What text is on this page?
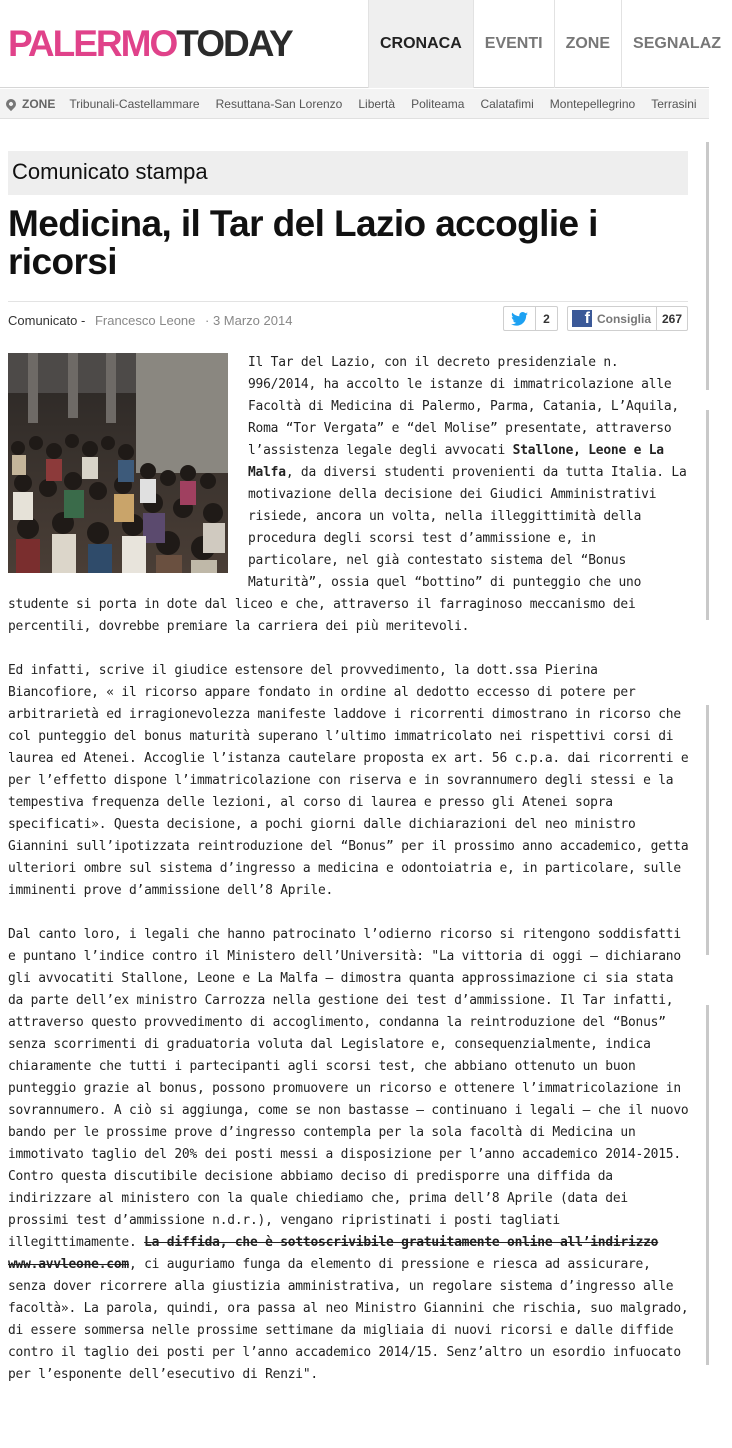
PALERMOTODAY	CRONACA	EVENTI	ZONE	SEGNALAZ
ZONE Tribunali-Castellammare Resuttana-San Lorenzo Libertà Politeama Calatafimi Montepellegrino Terrasini
Comunicato stampa
Medicina, il Tar del Lazio accoglie i ricorsi
Comunicato - Francesco Leone · 3 Marzo 2014	2	f Consiglia 267

Il Tar del Lazio, con il decreto presidenziale n. 996/2014, ha accolto le istanze di immatricolazione alle Facoltà di Medicina di Palermo, Parma, Catania, L’Aquila, Roma “Tor Vergata” e “del Molise” presentate, attraverso l’assistenza legale degli avvocati Stallone, Leone e La Malfa, da diversi studenti provenienti da tutta Italia. La motivazione della decisione dei Giudici Amministrativi risiede, ancora un volta, nella illeggittimità della procedura degli scorsi test d’ammissione e, in particolare, nel già contestato sistema del “Bonus Maturità”, ossia quel “bottino” di punteggio che uno studente si porta in dote dal liceo e che, attraverso il farraginoso meccanismo dei percentili, dovrebbe premiare la carriera dei più meritevoli.

Ed infatti, scrive il giudice estensore del provvedimento, la dott.ssa Pierina Biancofiore, « il ricorso appare fondato in ordine al dedotto eccesso di potere per arbitrarietà ed irragionevolezza manifeste laddove i ricorrenti dimostrano in ricorso che col punteggio del bonus maturità superano l’ultimo immatricolato nei rispettivi corsi di laurea ed Atenei. Accoglie l’istanza cautelare proposta ex art. 56 c.p.a. dai ricorrenti e per l’effetto dispone l’immatricolazione con riserva e in sovrannumero degli stessi e la tempestiva frequenza delle lezioni, al corso di laurea e presso gli Atenei sopra specificati». Questa decisione, a pochi giorni dalle dichiarazioni del neo ministro Giannini sull’ipotizzata reintroduzione del “Bonus” per il prossimo anno accademico, getta ulteriori ombre sul sistema d’ingresso a medicina e odontoiatria e, in particolare, sulle imminenti prove d’ammissione dell’8 Aprile.

Dal canto loro, i legali che hanno patrocinato l’odierno ricorso si ritengono soddisfatti e puntano l’indice contro il Ministero dell’Università: "La vittoria di oggi – dichiarano gli avvocatiti Stallone, Leone e La Malfa – dimostra quanta approssimazione ci sia stata da parte dell’ex ministro Carrozza nella gestione dei test d’ammissione. Il Tar infatti, attraverso questo provvedimento di accoglimento, condanna la reintroduzione del “Bonus” senza scorrimenti di graduatoria voluta dal Legislatore e, consequenzialmente, indica chiaramente che tutti i partecipanti agli scorsi test, che abbiano ottenuto un buon punteggio grazie al bonus, possono promuovere un ricorso e ottenere l’immatricolazione in sovrannumero. A ciò si aggiunga, come se non bastasse – continuano i legali – che il nuovo bando per le prossime prove d’ingresso contempla per la sola facoltà di Medicina un immotivato taglio del 20% dei posti messi a disposizione per l’anno accademico 2014-2015. Contro questa discutibile decisione abbiamo deciso di predisporre una diffida da indirizzare al ministero con la quale chiediamo che, prima dell’8 Aprile (data dei prossimi test d’ammissione n.d.r.), vengano ripristinati i posti tagliati illegittimamente. La diffida, che è sottoscrivibile gratuitamente online all’indirizzo www.avvleone.com, ci auguriamo funga da elemento di pressione e riesca ad assicurare, senza dover ricorrere alla giustizia amministrativa, un regolare sistema d’ingresso alle facoltà». La parola, quindi, ora passa al neo Ministro Giannini che rischia, suo malgrado, di essere sommersa nelle prossime settimane da migliaia di nuovi ricorsi e dalle diffide contro il taglio dei posti per l’anno accademico 2014/15. Senz’altro un esordio infuocato per l’esponente dell’esecutivo di Renzi".
